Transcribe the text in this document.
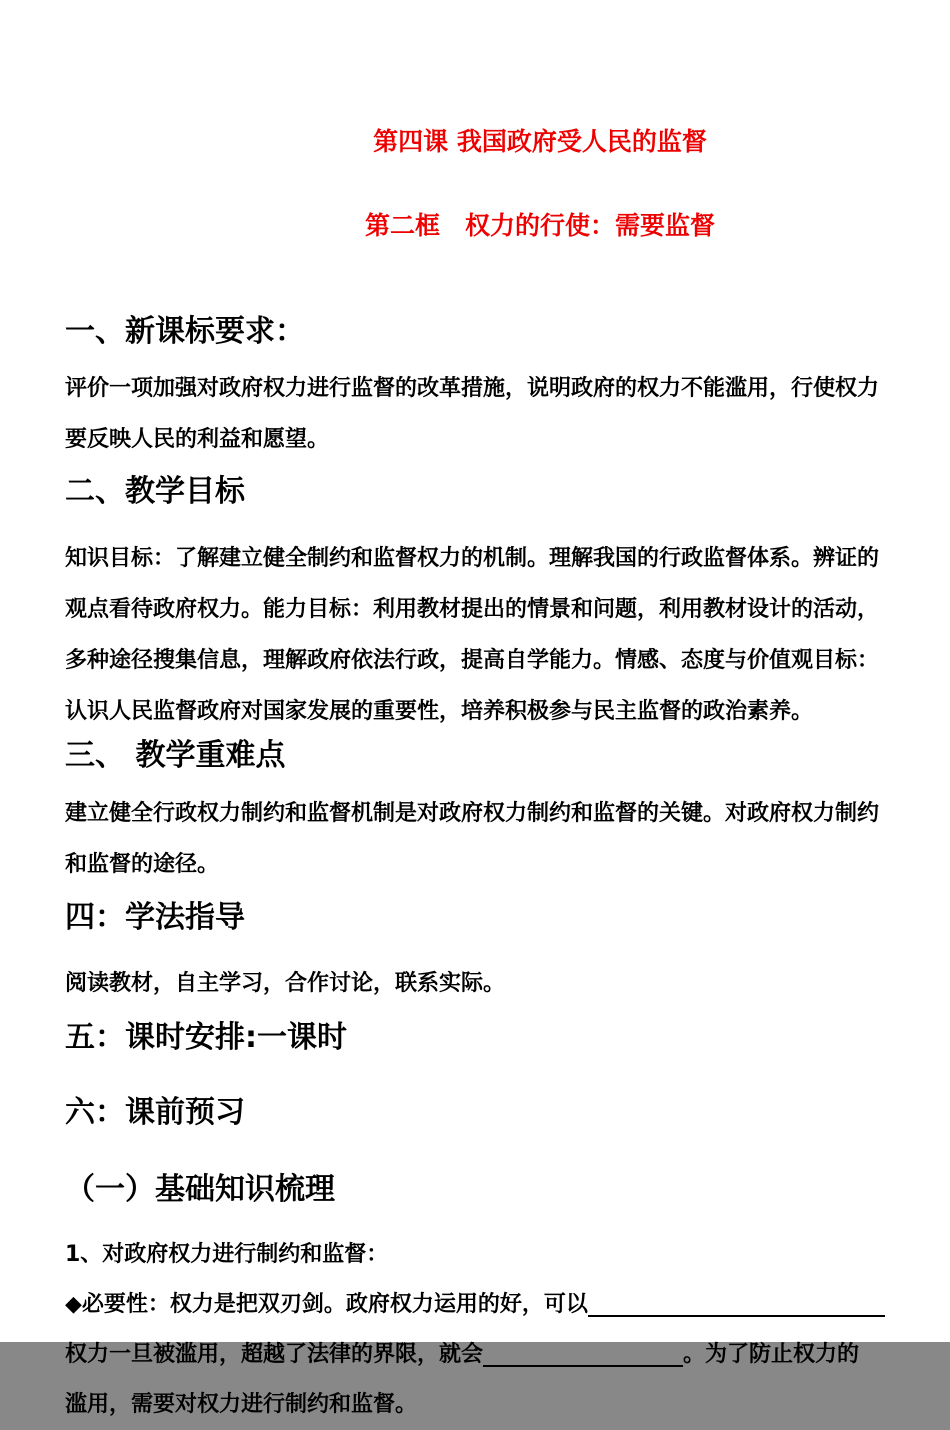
第四课 我国政府受人民的监督

第二框　权力的行使：需要监督

一、新课标要求：
评价一项加强对政府权力进行监督的改革措施，说明政府的权力不能滥用，行使权力
要反映人民的利益和愿望。
二、教学目标
知识目标：了解建立健全制约和监督权力的机制。理解我国的行政监督体系。辨证的
观点看待政府权力。能力目标：利用教材提出的情景和问题，利用教材设计的活动，
多种途径搜集信息，理解政府依法行政，提高自学能力。情感、态度与价值观目标：
认识人民监督政府对国家发展的重要性，培养积极参与民主监督的政治素养。
三、 教学重难点
建立健全行政权力制约和监督机制是对政府权力制约和监督的关键。对政府权力制约
和监督的途径。
四：学法指导
阅读教材，自主学习，合作讨论，联系实际。
五：课时安排:一课时
六：课前预习
（一）基础知识梳理
1、对政府权力进行制约和监督：
◆必要性：权力是把双刃剑。政府权力运用的好，可以
权力一旦被滥用，超越了法律的界限，就会	。为了防止权力的
滥用，需要对权力进行制约和监督。
